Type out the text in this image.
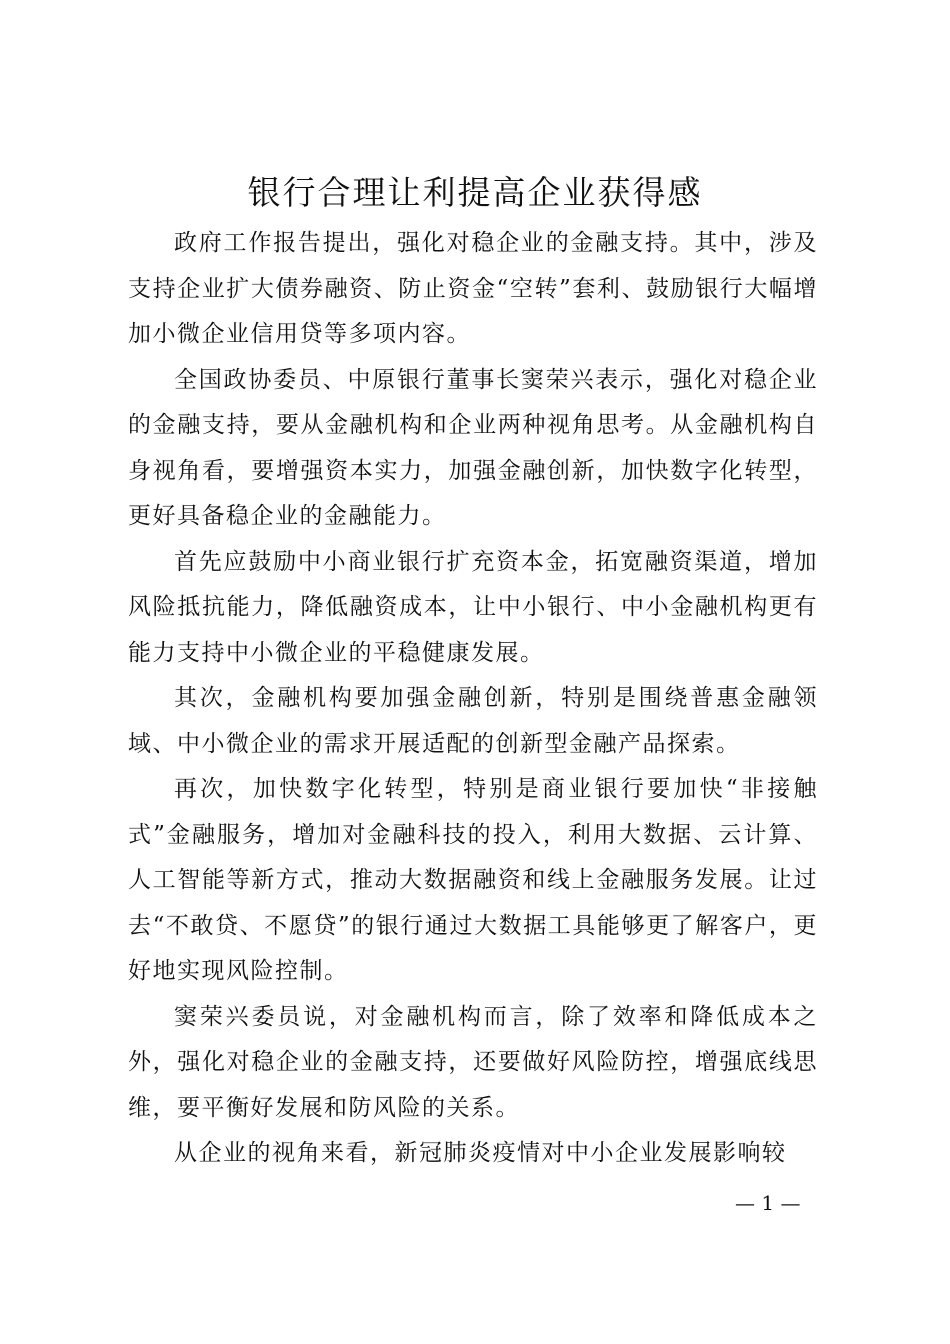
银行合理让利提高企业获得感

政府工作报告提出，强化对稳企业的金融支持。其中，涉及支持企业扩大债券融资、防止资金“空转”套利、鼓励银行大幅增加小微企业信用贷等多项内容。

全国政协委员、中原银行董事长窦荣兴表示，强化对稳企业的金融支持，要从金融机构和企业两种视角思考。从金融机构自身视角看，要增强资本实力，加强金融创新，加快数字化转型，更好具备稳企业的金融能力。

首先应鼓励中小商业银行扩充资本金，拓宽融资渠道，增加风险抵抗能力，降低融资成本，让中小银行、中小金融机构更有能力支持中小微企业的平稳健康发展。

其次，金融机构要加强金融创新，特别是围绕普惠金融领域、中小微企业的需求开展适配的创新型金融产品探索。

再次，加快数字化转型，特别是商业银行要加快“非接触式”金融服务，增加对金融科技的投入，利用大数据、云计算、人工智能等新方式，推动大数据融资和线上金融服务发展。让过去“不敢贷、不愿贷”的银行通过大数据工具能够更了解客户，更好地实现风险控制。

窦荣兴委员说，对金融机构而言，除了效率和降低成本之外，强化对稳企业的金融支持，还要做好风险防控，增强底线思维，要平衡好发展和防风险的关系。

从企业的视角来看，新冠肺炎疫情对中小企业发展影响较

— 1 —
